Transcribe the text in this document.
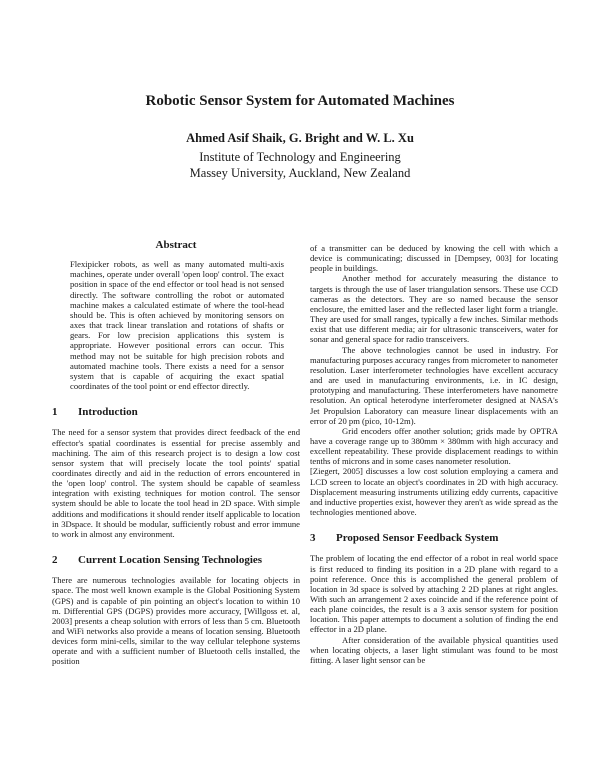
Robotic Sensor System for Automated Machines
Ahmed Asif Shaik, G. Bright and W. L. Xu
Institute of Technology and Engineering
Massey University, Auckland, New Zealand
Abstract

Flexipicker robots, as well as many automated multi-axis machines, operate under overall 'open loop' control. The exact position in space of the end effector or tool head is not sensed directly. The software controlling the robot or automated machine makes a calculated estimate of where the tool-head should be. This is often achieved by monitoring sensors on axes that track linear translation and rotations of shafts or gears. For low precision applications this system is appropriate. However positional errors can occur. This method may not be suitable for high precision robots and automated machine tools. There exists a need for a sensor system that is capable of acquiring the exact spatial coordinates of the tool point or end effector directly.

1	Introduction

The need for a sensor system that provides direct feedback of the end effector's spatial coordinates is essential for precise assembly and machining. The aim of this research project is to design a low cost sensor system that will precisely locate the tool points' spatial coordinates directly and aid in the reduction of errors encountered in the 'open loop' control. The system should be capable of seamless integration with existing techniques for motion control. The sensor system should be able to locate the tool head in 2D space. With simple additions and modifications it should render itself applicable to location in 3Dspace. It should be modular, sufficiently robust and error immune to work in almost any environment.

2	Current Location Sensing Technologies

There are numerous technologies available for locating objects in space. The most well known example is the Global Positioning System (GPS) and is capable of pin pointing an object's location to within 10 m. Differential GPS (DGPS) provides more accuracy, [Willgoss et. al, 2003] presents a cheap solution with errors of less than 5 cm. Bluetooth and WiFi networks also provide a means of location sensing. Bluetooth devices form mini-cells, similar to the way cellular telephone systems operate and with a sufficient number of Bluetooth cells installed, the position

of a transmitter can be deduced by knowing the cell with which a device is communicating; discussed in [Dempsey, 003] for locating people in buildings.

Another method for accurately measuring the distance to targets is through the use of laser triangulation sensors. These use CCD cameras as the detectors. They are so named because the sensor enclosure, the emitted laser and the reflected laser light form a triangle. They are used for small ranges, typically a few inches. Similar methods exist that use different media; air for ultrasonic transceivers, water for sonar and general space for radio transceivers.

The above technologies cannot be used in industry. For manufacturing purposes accuracy ranges from micrometer to nanometer resolution. Laser interferometer technologies have excellent accuracy and are used in manufacturing environments, i.e. in IC design, prototyping and manufacturing. These interferometers have nanometre resolution. An optical heterodyne interferometer designed at NASA's Jet Propulsion Laboratory can measure linear displacements with an error of 20 pm (pico, 10-12m).

Grid encoders offer another solution; grids made by OPTRA have a coverage range up to 380mm × 380mm with high accuracy and excellent repeatability. These provide displacement readings to within tenths of microns and in some cases nanometer resolution.

[Ziegert, 2005] discusses a low cost solution employing a camera and LCD screen to locate an object's coordinates in 2D with high accuracy. Displacement measuring instruments utilizing eddy currents, capacitive and inductive properties exist, however they aren't as wide spread as the technologies mentioned above.

3	Proposed Sensor Feedback System

The problem of locating the end effector of a robot in real world space is first reduced to finding its position in a 2D plane with regard to a point reference. Once this is accomplished the general problem of location in 3d space is solved by attaching 2 2D planes at right angles. With such an arrangement 2 axes coincide and if the reference point of each plane coincides, the result is a 3 axis sensor system for position location. This paper attempts to document a solution of finding the end effector in a 2D plane.

After consideration of the available physical quantities used when locating objects, a laser light stimulant was found to be most fitting. A laser light sensor can be
